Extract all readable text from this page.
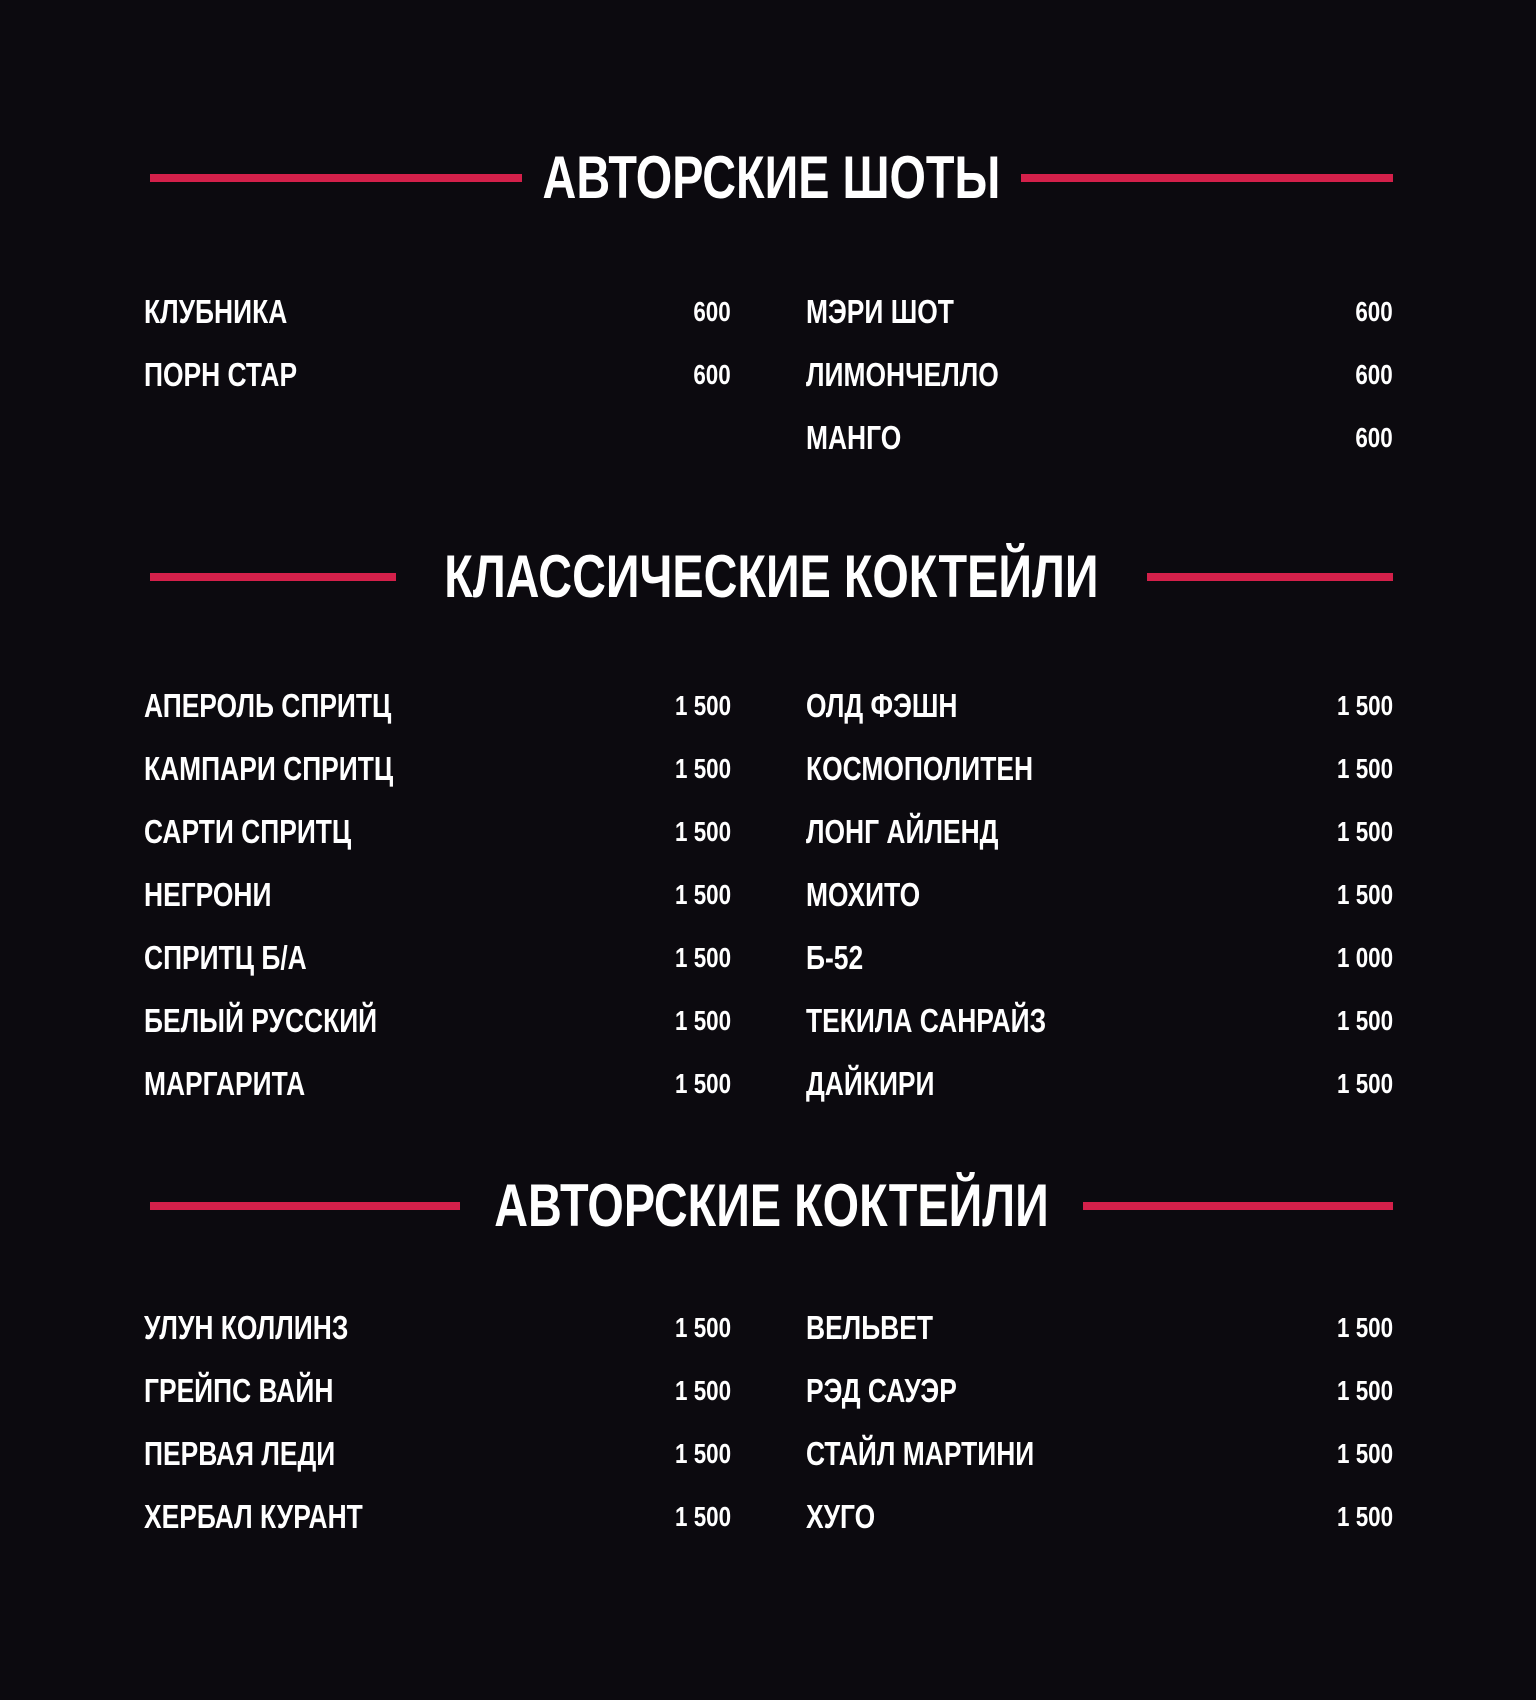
АВТОРСКИЕ ШОТЫ
КЛУБНИКА	600
ПОРН СТАР	600
МЭРИ ШОТ	600
ЛИМОНЧЕЛЛО	600
МАНГО	600
КЛАССИЧЕСКИЕ КОКТЕЙЛИ
АПЕРОЛЬ СПРИТЦ	1 500
КАМПАРИ СПРИТЦ	1 500
САРТИ СПРИТЦ	1 500
НЕГРОНИ	1 500
СПРИТЦ Б/А	1 500
БЕЛЫЙ РУССКИЙ	1 500
МАРГАРИТА	1 500
ОЛД ФЭШН	1 500
КОСМОПОЛИТЕН	1 500
ЛОНГ АЙЛЕНД	1 500
МОХИТО	1 500
Б-52	1 000
ТЕКИЛА САНРАЙЗ	1 500
ДАЙКИРИ	1 500
АВТОРСКИЕ КОКТЕЙЛИ
УЛУН КОЛЛИНЗ	1 500
ГРЕЙПС ВАЙН	1 500
ПЕРВАЯ ЛЕДИ	1 500
ХЕРБАЛ КУРАНТ	1 500
ВЕЛЬВЕТ	1 500
РЭД САУЭР	1 500
СТАЙЛ МАРТИНИ	1 500
ХУГО	1 500
